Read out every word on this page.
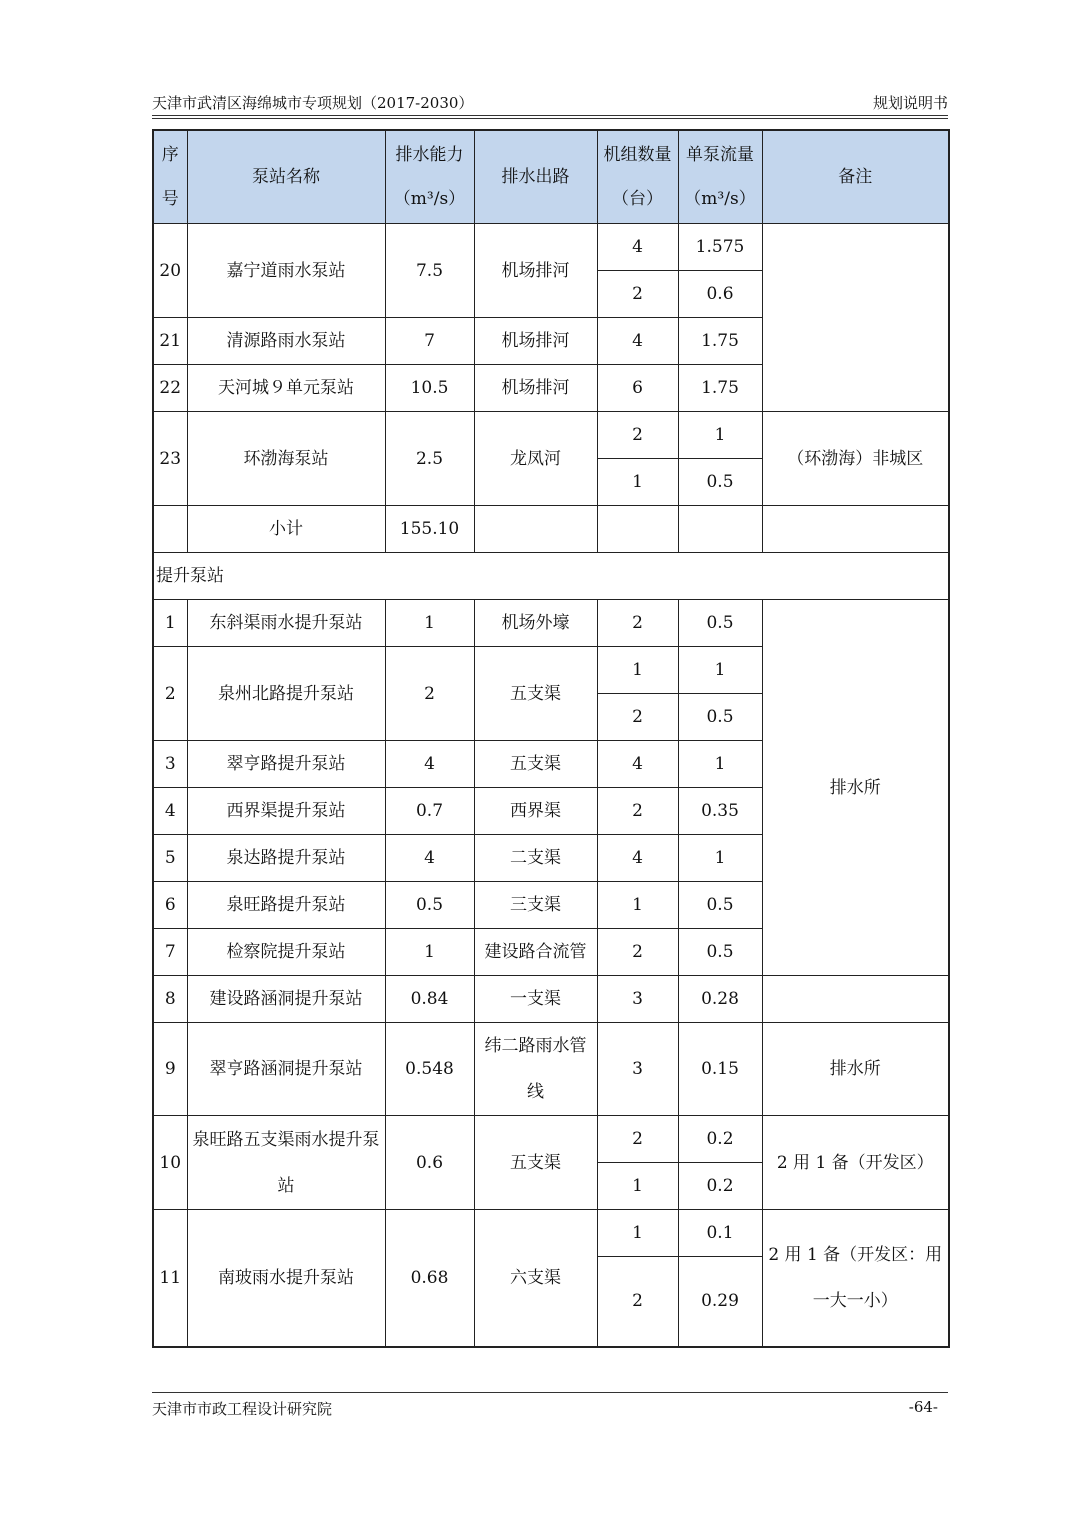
天津市武清区海绵城市专项规划（2017-2030）	规划说明书
序号	泵站名称	排水能力（m³/s）	排水出路	机组数量（台）	单泵流量（m³/s）	备注
20	嘉宁道雨水泵站	7.5	机场排河	4	1.575	
				2	0.6	
21	清源路雨水泵站	7	机场排河	4	1.75	
22	天河城９单元泵站	10.5	机场排河	6	1.75	
23	环渤海泵站	2.5	龙凤河	2	1	（环渤海）非城区
				1	0.5	
	小计	155.10				
提升泵站						
1	东斜渠雨水提升泵站	1	机场外壕	2	0.5	排水所
2	泉州北路提升泵站	2	五支渠	1	1	
				2	0.5	
3	翠亨路提升泵站	4	五支渠	4	1	
4	西界渠提升泵站	0.7	西界渠	2	0.35	
5	泉达路提升泵站	4	二支渠	4	1	
6	泉旺路提升泵站	0.5	三支渠	1	0.5	
7	检察院提升泵站	1	建设路合流管	2	0.5	
8	建设路涵洞提升泵站	0.84	一支渠	3	0.28	
9	翠亨路涵洞提升泵站	0.548	纬二路雨水管线	3	0.15	排水所
10	泉旺路五支渠雨水提升泵站	0.6	五支渠	2	0.2	2 用 1 备（开发区）
				1	0.2	
11	南玻雨水提升泵站	0.68	六支渠	1	0.1	2 用 1 备（开发区：用一大一小）
				2	0.29	
天津市市政工程设计研究院	-64-
